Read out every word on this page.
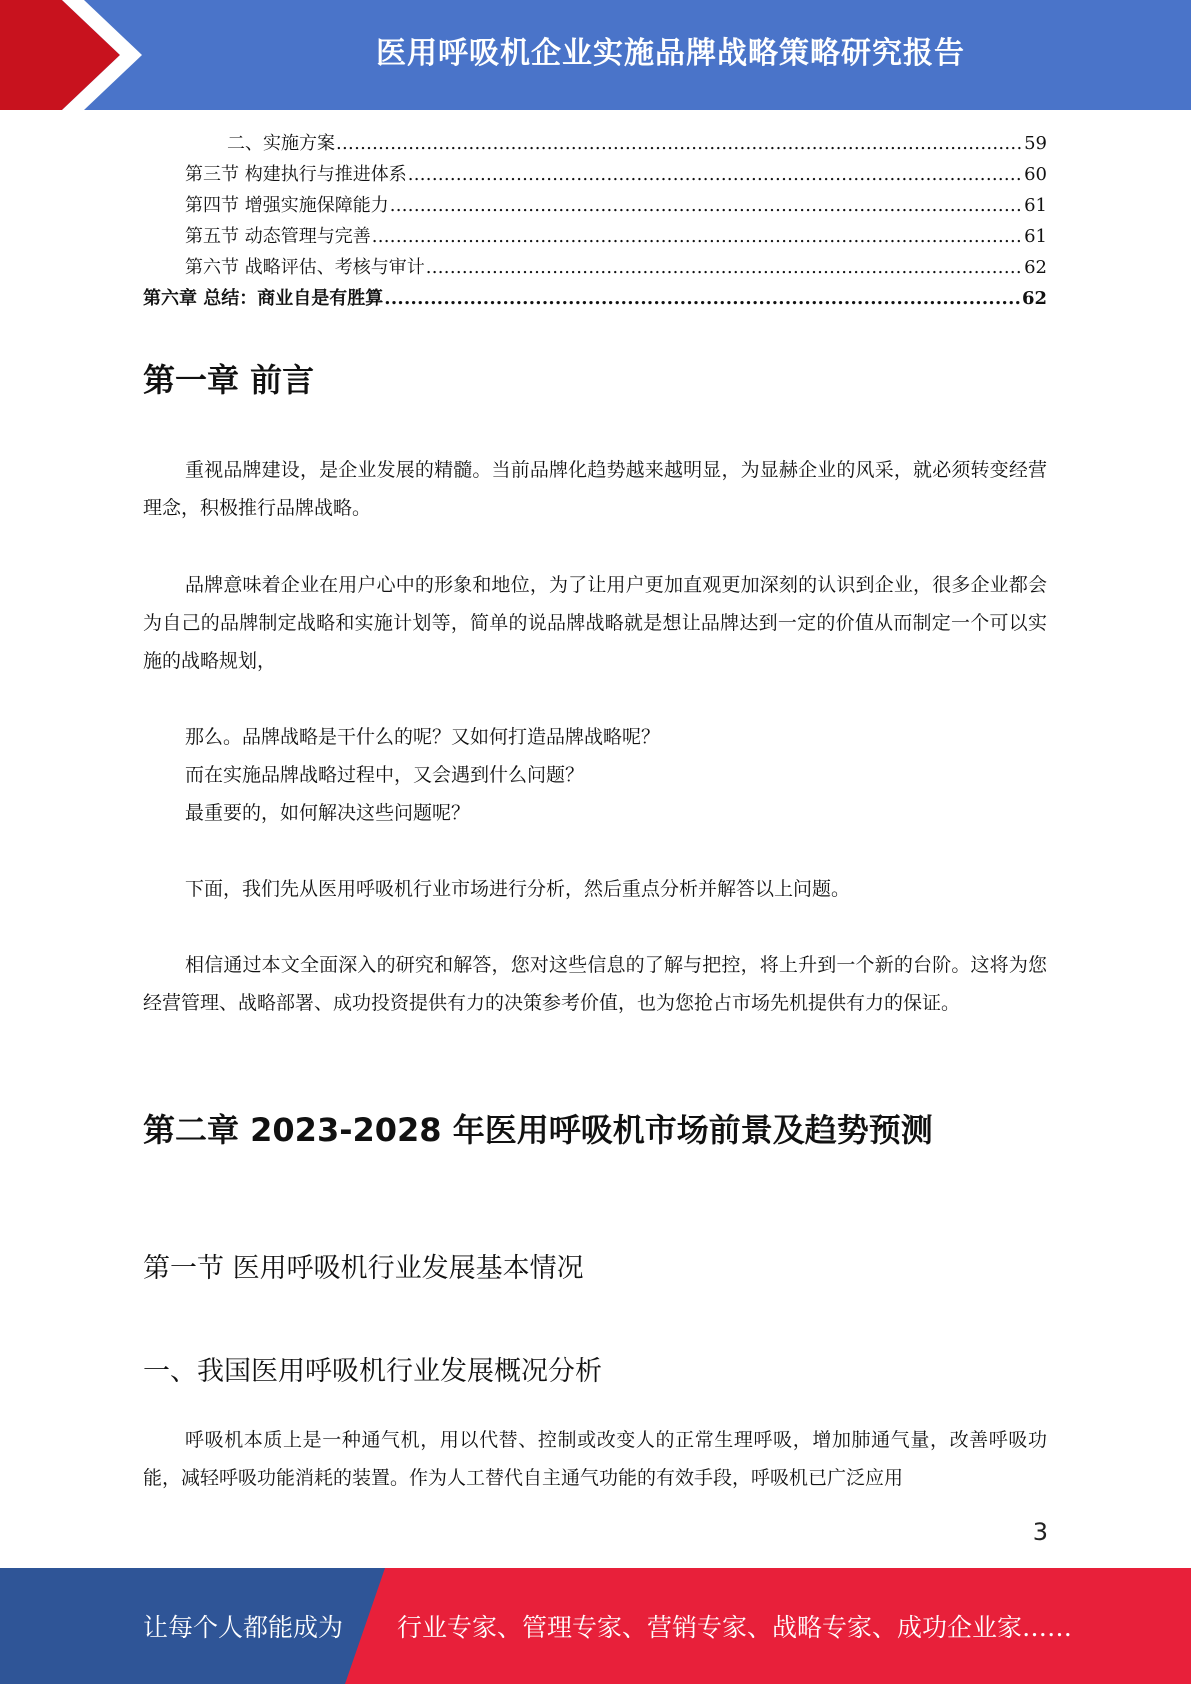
医用呼吸机企业实施品牌战略策略研究报告
二、实施方案 .....	59
第三节 构建执行与推进体系 .....	60
第四节 增强实施保障能力 .....	61
第五节 动态管理与完善 .....	61
第六节 战略评估、考核与审计 .....	62
第六章 总结：商业自是有胜算 .....	62
第一章 前言

重视品牌建设，是企业发展的精髓。当前品牌化趋势越来越明显，为显赫企业的风采，就必须转变经营理念，积极推行品牌战略。

品牌意味着企业在用户心中的形象和地位，为了让用户更加直观更加深刻的认识到企业，很多企业都会为自己的品牌制定战略和实施计划等，简单的说品牌战略就是想让品牌达到一定的价值从而制定一个可以实施的战略规划，

那么。品牌战略是干什么的呢？又如何打造品牌战略呢？

而在实施品牌战略过程中，又会遇到什么问题？

最重要的，如何解决这些问题呢？

下面，我们先从医用呼吸机行业市场进行分析，然后重点分析并解答以上问题。

相信通过本文全面深入的研究和解答，您对这些信息的了解与把控，将上升到一个新的台阶。这将为您经营管理、战略部署、成功投资提供有力的决策参考价值，也为您抢占市场先机提供有力的保证。

第二章 2023-2028 年医用呼吸机市场前景及趋势预测
第一节 医用呼吸机行业发展基本情况
一、我国医用呼吸机行业发展概况分析

呼吸机本质上是一种通气机，用以代替、控制或改变人的正常生理呼吸，增加肺通气量，改善呼吸功能，减轻呼吸功能消耗的装置。作为人工替代自主通气功能的有效手段，呼吸机已广泛应用

3
让每个人都能成为 行业专家、管理专家、营销专家、战略专家、成功企业家……
